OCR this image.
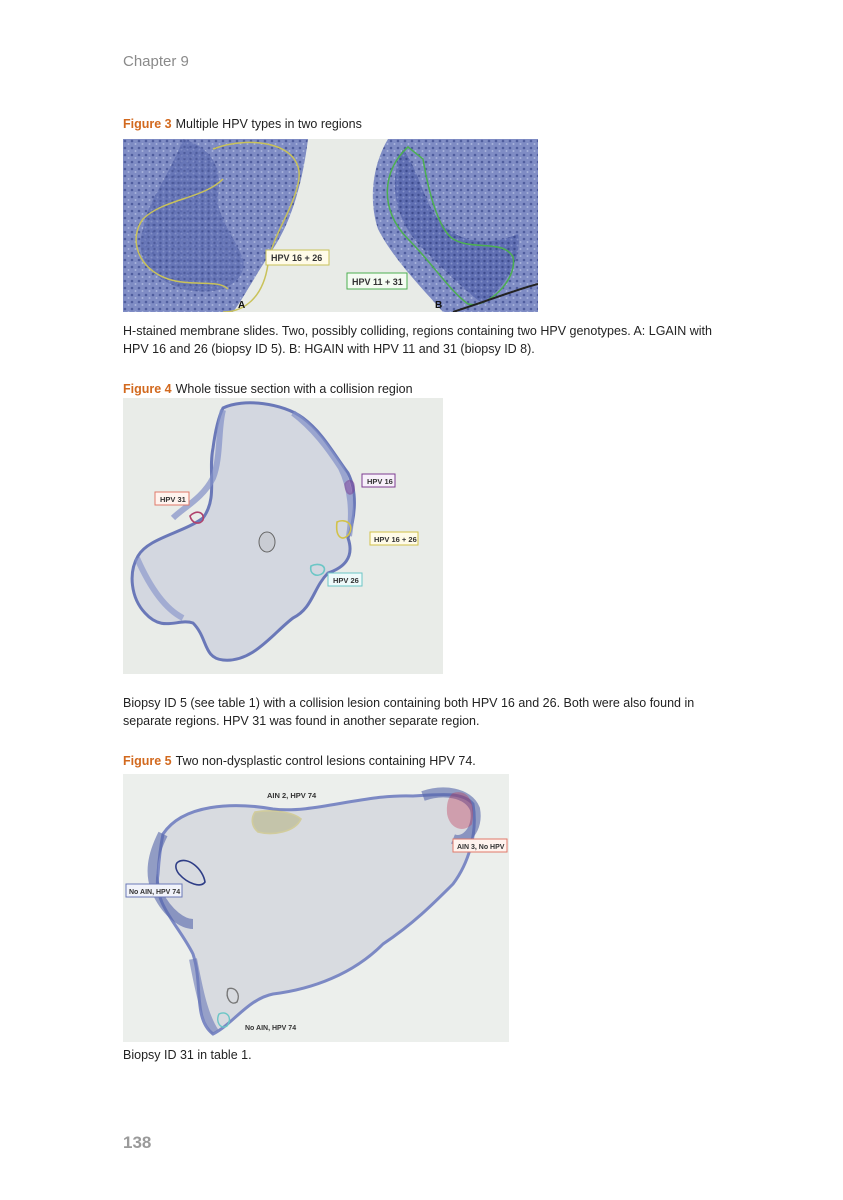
Chapter 9
Figure 3 Multiple HPV types in two regions
HPV 16 + 26
HPV 11 + 31
A	B
H-stained membrane slides. Two, possibly colliding, regions containing two HPV genotypes. A: LGAIN with HPV 16 and 26 (biopsy ID 5). B: HGAIN with HPV 11 and 31 (biopsy ID 8).
Figure 4 Whole tissue section with a collision region
HPV 31
HPV 16
HPV 16 + 26
HPV 26
Biopsy ID 5 (see table 1) with a collision lesion containing both HPV 16 and 26. Both were also found in separate regions. HPV 31 was found in another separate region.
Figure 5 Two non-dysplastic control lesions containing HPV 74.
AIN 2, HPV 74
AIN 3, No HPV
No AIN, HPV 74
No AIN, HPV 74
Biopsy ID 31 in table 1.
138
